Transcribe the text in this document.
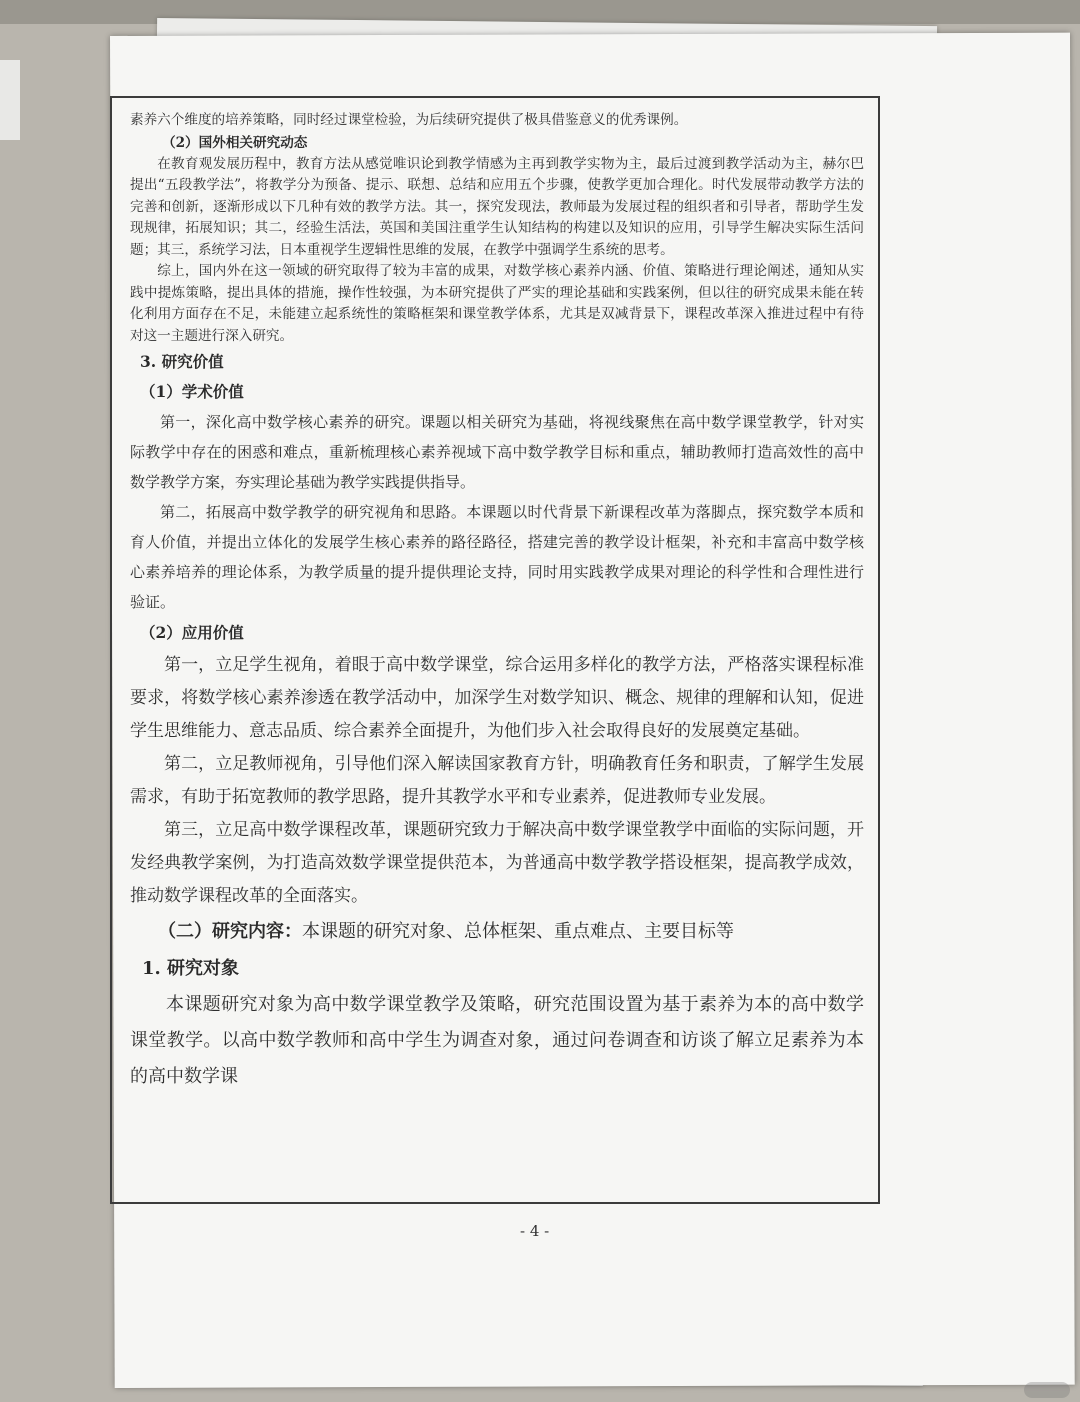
素养六个维度的培养策略，同时经过课堂检验，为后续研究提供了极具借鉴意义的优秀课例。

（2）国外相关研究动态

在教育观发展历程中，教育方法从感觉唯识论到教学情感为主再到教学实物为主，最后过渡到教学活动为主，赫尔巴提出“五段教学法”，将教学分为预备、提示、联想、总结和应用五个步骤，使教学更加合理化。时代发展带动教学方法的完善和创新，逐渐形成以下几种有效的教学方法。其一，探究发现法，教师最为发展过程的组织者和引导者，帮助学生发现规律，拓展知识；其二，经验生活法，英国和美国注重学生认知结构的构建以及知识的应用，引导学生解决实际生活问题；其三，系统学习法，日本重视学生逻辑性思维的发展，在教学中强调学生系统的思考。

综上，国内外在这一领域的研究取得了较为丰富的成果，对数学核心素养内涵、价值、策略进行理论阐述，通知从实践中提炼策略，提出具体的措施，操作性较强，为本研究提供了严实的理论基础和实践案例，但以往的研究成果未能在转化利用方面存在不足，未能建立起系统性的策略框架和课堂教学体系，尤其是双减背景下，课程改革深入推进过程中有待对这一主题进行深入研究。

3. 研究价值

（1）学术价值

第一，深化高中数学核心素养的研究。课题以相关研究为基础，将视线聚焦在高中数学课堂教学，针对实际教学中存在的困惑和难点，重新梳理核心素养视域下高中数学教学目标和重点，辅助教师打造高效性的高中数学教学方案，夯实理论基础为教学实践提供指导。

第二，拓展高中数学教学的研究视角和思路。本课题以时代背景下新课程改革为落脚点，探究数学本质和育人价值，并提出立体化的发展学生核心素养的路径路径，搭建完善的教学设计框架，补充和丰富高中数学核心素养培养的理论体系，为教学质量的提升提供理论支持，同时用实践教学成果对理论的科学性和合理性进行验证。

（2）应用价值

第一，立足学生视角，着眼于高中数学课堂，综合运用多样化的教学方法，严格落实课程标准要求，将数学核心素养渗透在教学活动中，加深学生对数学知识、概念、规律的理解和认知，促进学生思维能力、意志品质、综合素养全面提升，为他们步入社会取得良好的发展奠定基础。

第二，立足教师视角，引导他们深入解读国家教育方针，明确教育任务和职责，了解学生发展需求，有助于拓宽教师的教学思路，提升其教学水平和专业素养，促进教师专业发展。

第三，立足高中数学课程改革，课题研究致力于解决高中数学课堂教学中面临的实际问题，开发经典教学案例，为打造高效数学课堂提供范本，为普通高中数学教学搭设框架，提高教学成效，推动数学课程改革的全面落实。

（二）研究内容：本课题的研究对象、总体框架、重点难点、主要目标等

1. 研究对象

本课题研究对象为高中数学课堂教学及策略，研究范围设置为基于素养为本的高中数学课堂教学。以高中数学教师和高中学生为调查对象，通过问卷调查和访谈了解立足素养为本的高中数学课

- 4 -
